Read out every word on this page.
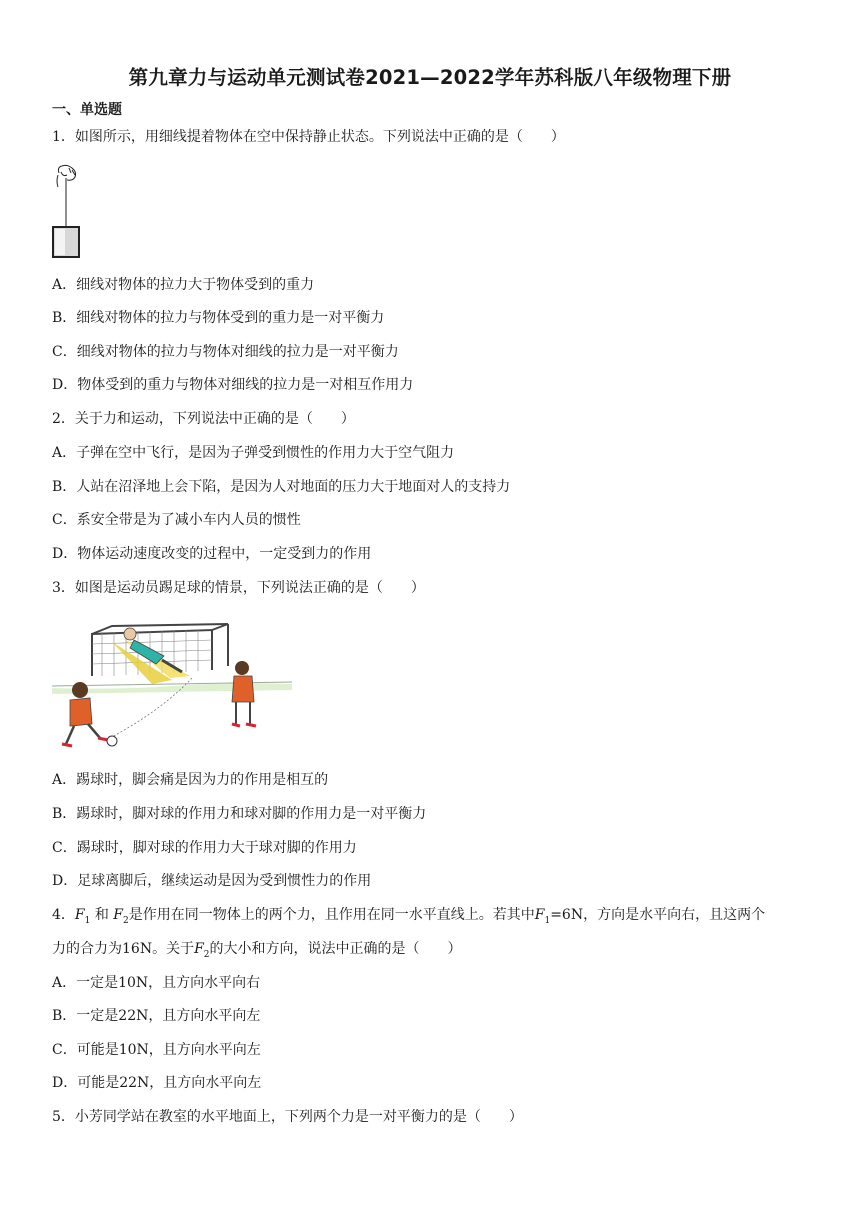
第九章力与运动单元测试卷2021—2022学年苏科版八年级物理下册
一、单选题
1．如图所示，用细线提着物体在空中保持静止状态。下列说法中正确的是（　　）
A．细线对物体的拉力大于物体受到的重力
B．细线对物体的拉力与物体受到的重力是一对平衡力
C．细线对物体的拉力与物体对细线的拉力是一对平衡力
D．物体受到的重力与物体对细线的拉力是一对相互作用力
2．关于力和运动，下列说法中正确的是（　　）
A．子弹在空中飞行，是因为子弹受到惯性的作用力大于空气阻力
B．人站在沼泽地上会下陷，是因为人对地面的压力大于地面对人的支持力
C．系安全带是为了减小车内人员的惯性
D．物体运动速度改变的过程中，一定受到力的作用
3．如图是运动员踢足球的情景，下列说法正确的是（　　）
A．踢球时，脚会痛是因为力的作用是相互的
B．踢球时，脚对球的作用力和球对脚的作用力是一对平衡力
C．踢球时，脚对球的作用力大于球对脚的作用力
D．足球离脚后，继续运动是因为受到惯性力的作用
4．$F_1$ 和 $F_2$是作用在同一物体上的两个力，且作用在同一水平直线上。若其中$F_1=6N$，方向是水平向右，且这两个
力的合力为16N。关于$F_2$的大小和方向，说法中正确的是（　　）
A．一定是10N，且方向水平向右
B．一定是22N，且方向水平向左
C．可能是10N，且方向水平向左
D．可能是22N，且方向水平向左
5．小芳同学站在教室的水平地面上，下列两个力是一对平衡力的是（　　）
